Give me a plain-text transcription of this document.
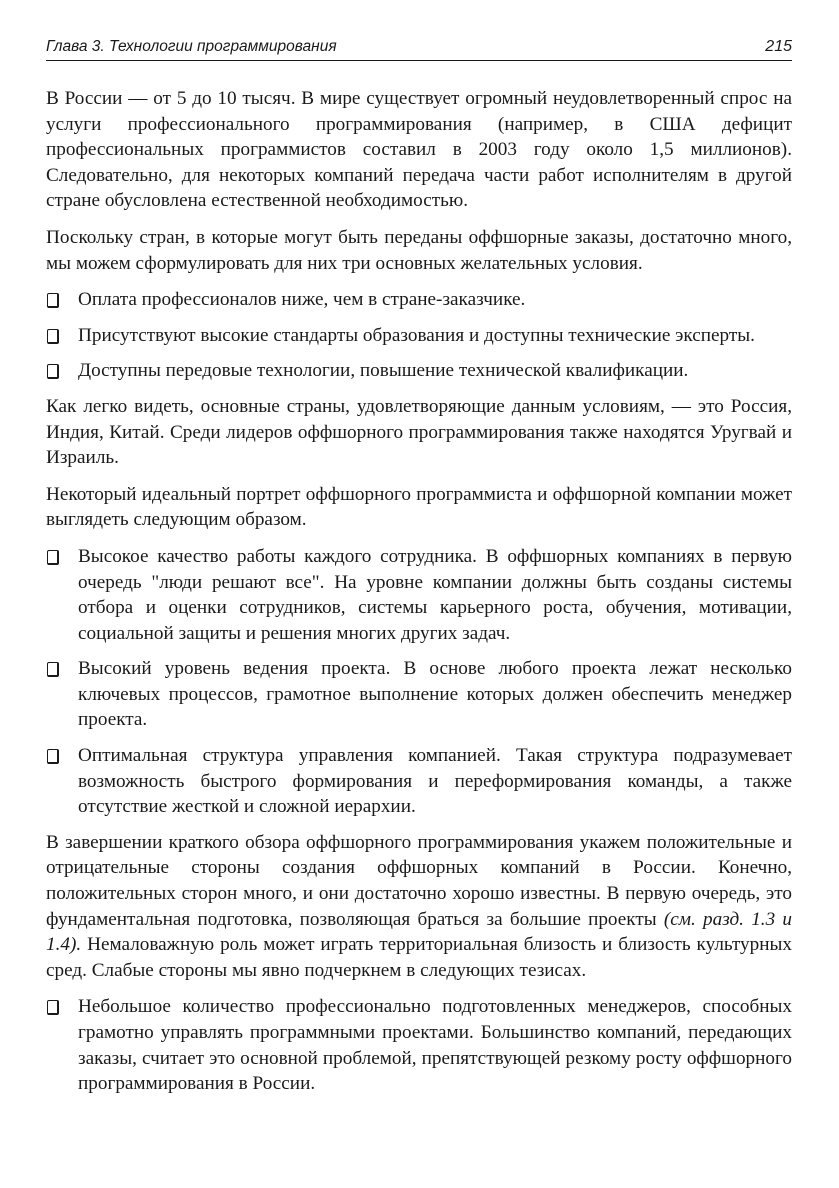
Глава 3. Технологии программирования	215

В России — от 5 до 10 тысяч. В мире существует огромный неудовлетворенный спрос на услуги профессионального программирования (например, в США дефицит профессиональных программистов составил в 2003 году около 1,5 миллионов). Следовательно, для некоторых компаний передача части работ исполнителям в другой стране обусловлена естественной необходимостью.

Поскольку стран, в которые могут быть переданы оффшорные заказы, достаточно много, мы можем сформулировать для них три основных желательных условия.

Оплата профессионалов ниже, чем в стране-заказчике.
Присутствуют высокие стандарты образования и доступны технические эксперты.
Доступны передовые технологии, повышение технической квалификации.

Как легко видеть, основные страны, удовлетворяющие данным условиям, — это Россия, Индия, Китай. Среди лидеров оффшорного программирования также находятся Уругвай и Израиль.

Некоторый идеальный портрет оффшорного программиста и оффшорной компании может выглядеть следующим образом.

Высокое качество работы каждого сотрудника. В оффшорных компаниях в первую очередь "люди решают все". На уровне компании должны быть созданы системы отбора и оценки сотрудников, системы карьерного роста, обучения, мотивации, социальной защиты и решения многих других задач.
Высокий уровень ведения проекта. В основе любого проекта лежат несколько ключевых процессов, грамотное выполнение которых должен обеспечить менеджер проекта.
Оптимальная структура управления компанией. Такая структура подразумевает возможность быстрого формирования и переформирования команды, а также отсутствие жесткой и сложной иерархии.

В завершении краткого обзора оффшорного программирования укажем положительные и отрицательные стороны создания оффшорных компаний в России. Конечно, положительных сторон много, и они достаточно хорошо известны. В первую очередь, это фундаментальная подготовка, позволяющая браться за большие проекты (см. разд. 1.3 и 1.4). Немаловажную роль может играть территориальная близость и близость культурных сред. Слабые стороны мы явно подчеркнем в следующих тезисах.

Небольшое количество профессионально подготовленных менеджеров, способных грамотно управлять программными проектами. Большинство компаний, передающих заказы, считает это основной проблемой, препятствующей резкому росту оффшорного программирования в России.
